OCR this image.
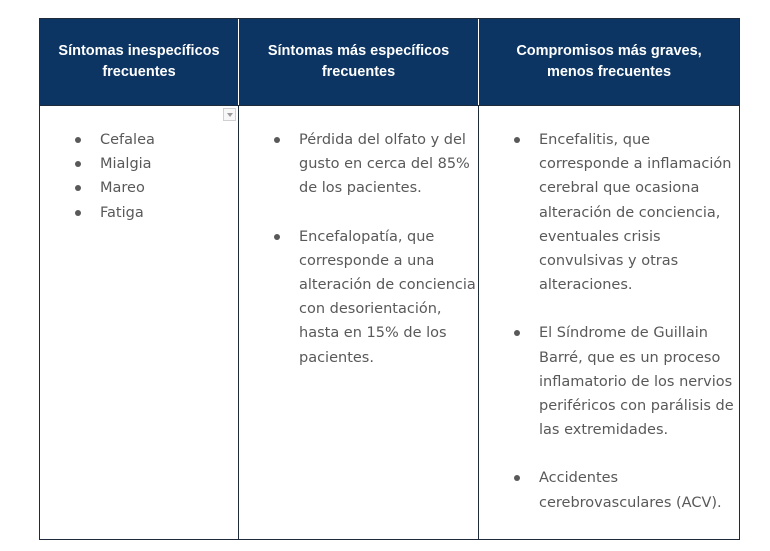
Síntomas inespecíficos frecuentes
Síntomas más específicos frecuentes
Compromisos más graves, menos frecuentes
Cefalea
Mialgia
Mareo
Fatiga
Pérdida del olfato y del gusto en cerca del 85% de los pacientes.
Encefalopatía, que corresponde a una alteración de conciencia con desorientación, hasta en 15% de los pacientes.
Encefalitis, que corresponde a inflamación cerebral que ocasiona alteración de conciencia, eventuales crisis convulsivas y otras alteraciones.
El Síndrome de Guillain Barré, que es un proceso inflamatorio de los nervios periféricos con parálisis de las extremidades.
Accidentes cerebrovasculares (ACV).
